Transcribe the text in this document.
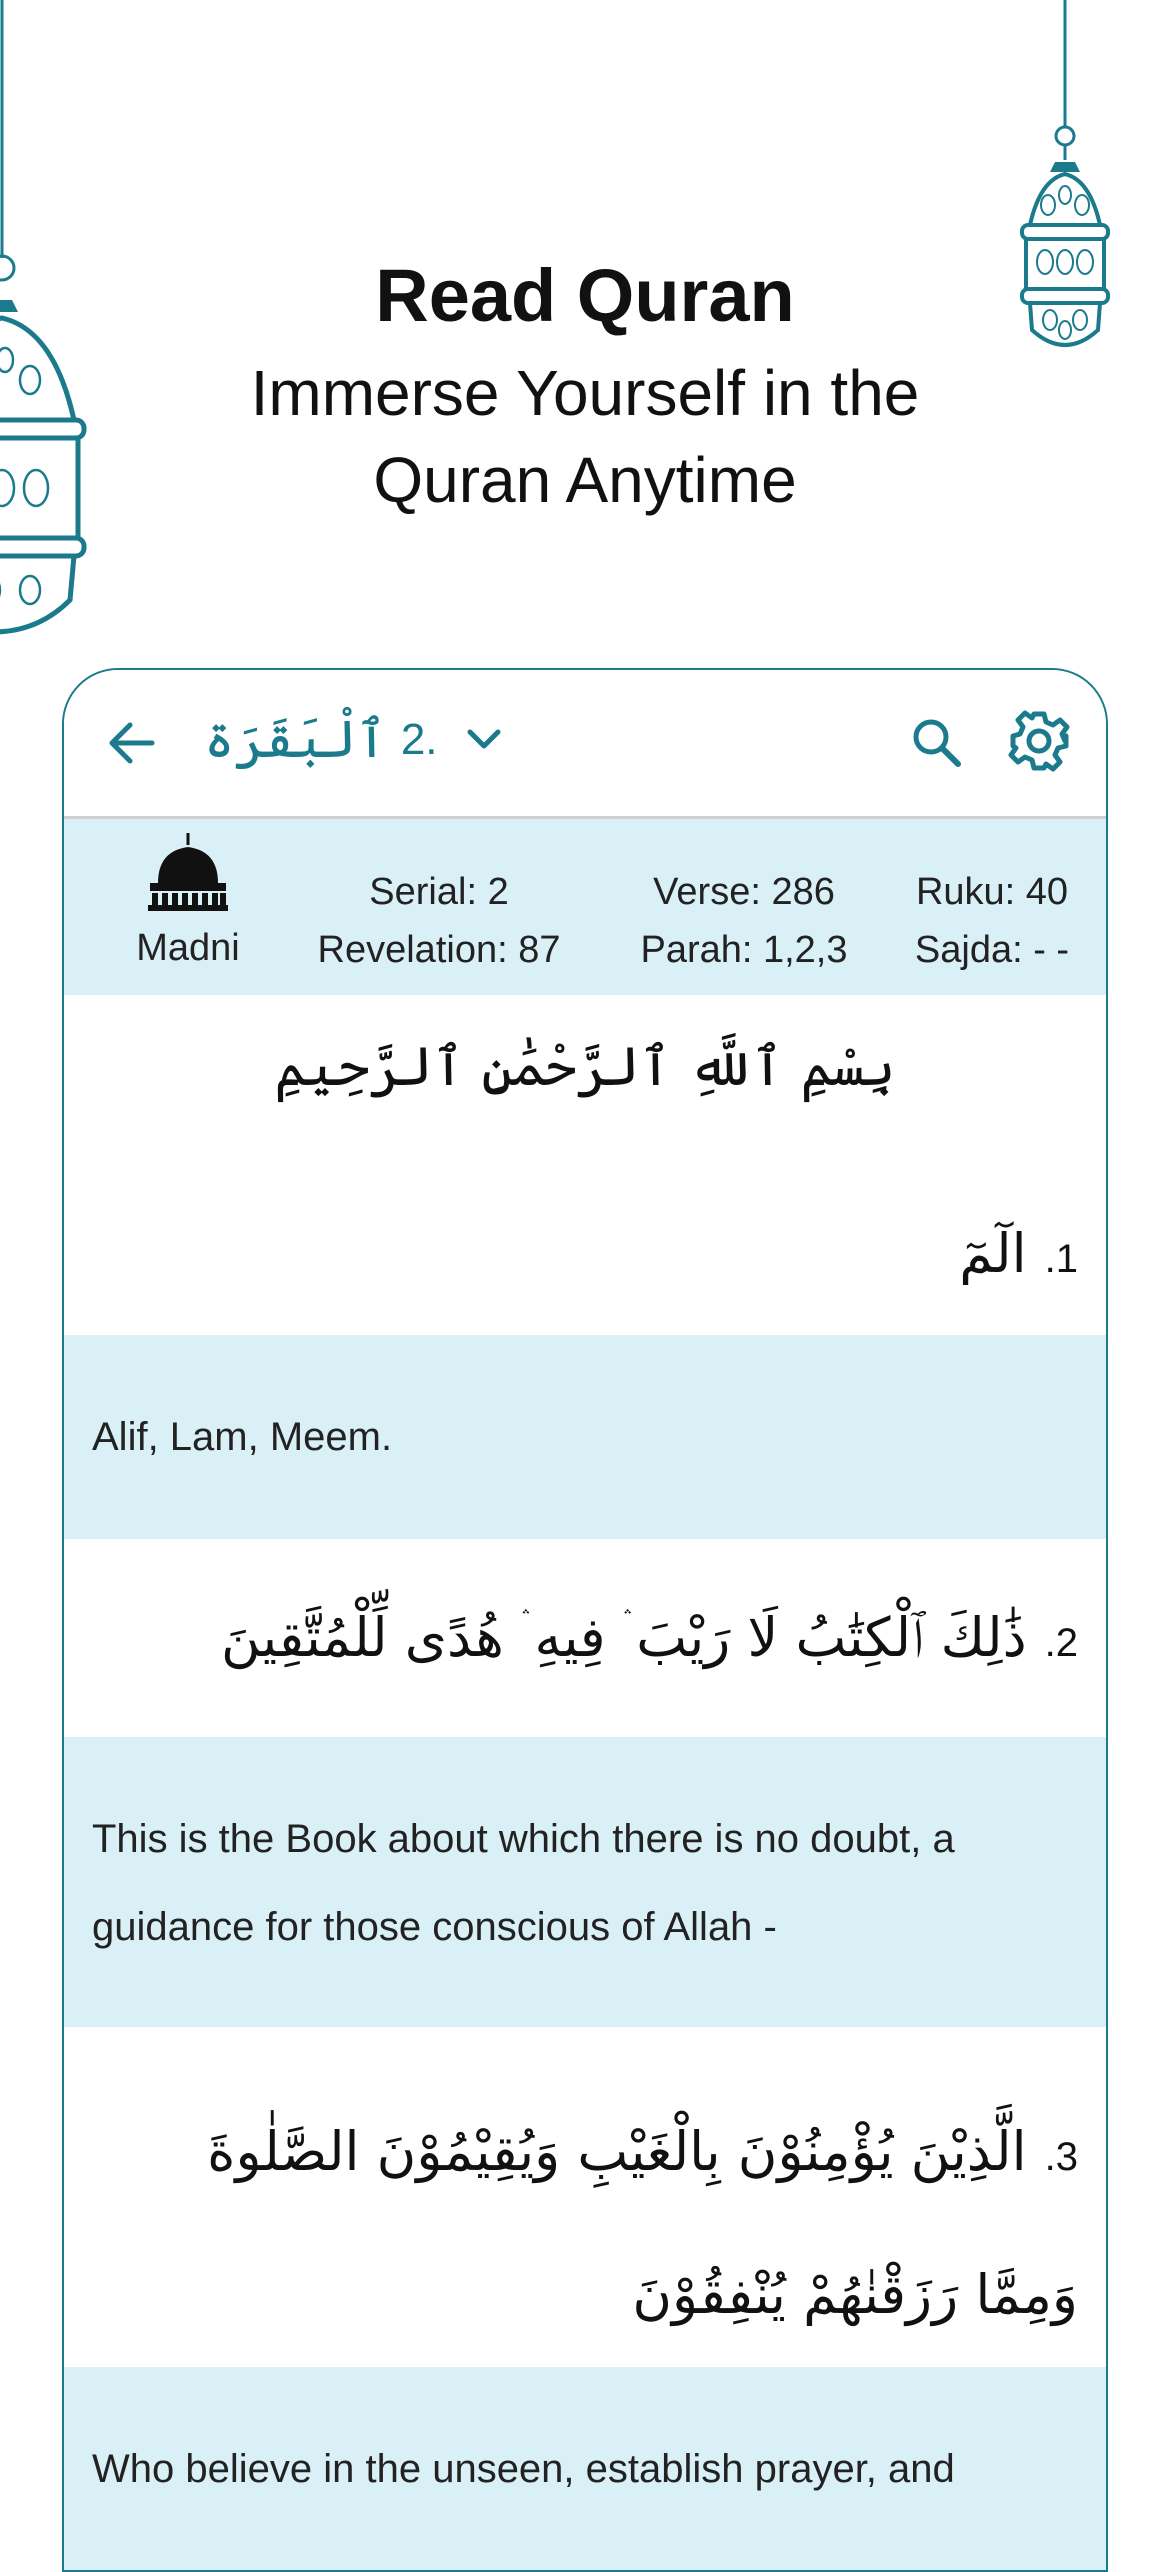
Read Quran
Immerse Yourself in the Quran Anytime
ٱلْبَقَرَة 2.
Madni
Serial: 2
Revelation: 87
Verse: 286
Parah: 1,2,3
Ruku: 40
Sajda: - -
بِسْمِ ٱللَّهِ ٱلرَّحْمَٰنِ ٱلرَّحِيمِ
1.الٓمٓ
Alif, Lam, Meem.
2.ذَٰلِكَ ٱلْكِتَٰبُ لَا رَيْبَ ۛ فِيهِ ۛ هُدًى لِّلْمُتَّقِينَ
This is the Book about which there is no doubt, a guidance for those conscious of Allah -
3.الَّذِيْنَ يُؤْمِنُوْنَ بِالْغَيْبِ وَيُقِيْمُوْنَ الصَّلٰوةَ وَمِمَّا رَزَقْنٰهُمْ يُنْفِقُوْنَ
Who believe in the unseen, establish prayer, and
